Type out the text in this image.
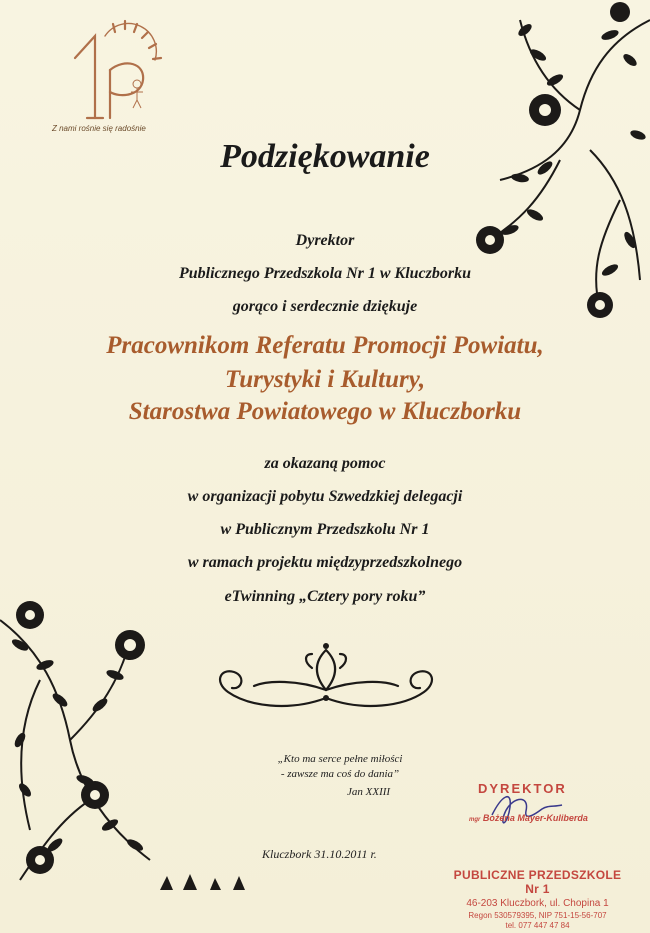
Z nami rośnie się radośnie
Podziękowanie
Dyrektor
Publicznego Przedszkola Nr 1 w Kluczborku
gorąco i serdecznie dziękuje
Pracownikom Referatu Promocji Powiatu,
Turystyki i Kultury,
Starostwa Powiatowego w Kluczborku
za okazaną pomoc
w organizacji pobytu Szwedzkiej delegacji
w Publicznym Przedszkolu Nr 1
w ramach projektu międzyprzedszkolnego
eTwinning „Cztery pory roku”
„Kto ma serce pełne miłości
- zawsze ma coś do dania”
Jan XXIII
Kluczbork 31.10.2011 r.
DYREKTOR
mgr Bożena Mayer-Kuliberda
PUBLICZNE PRZEDSZKOLE Nr 1
46-203 Kluczbork, ul. Chopina 1
Regon 530579395, NIP 751-15-56-707
tel. 077 447 47 84
